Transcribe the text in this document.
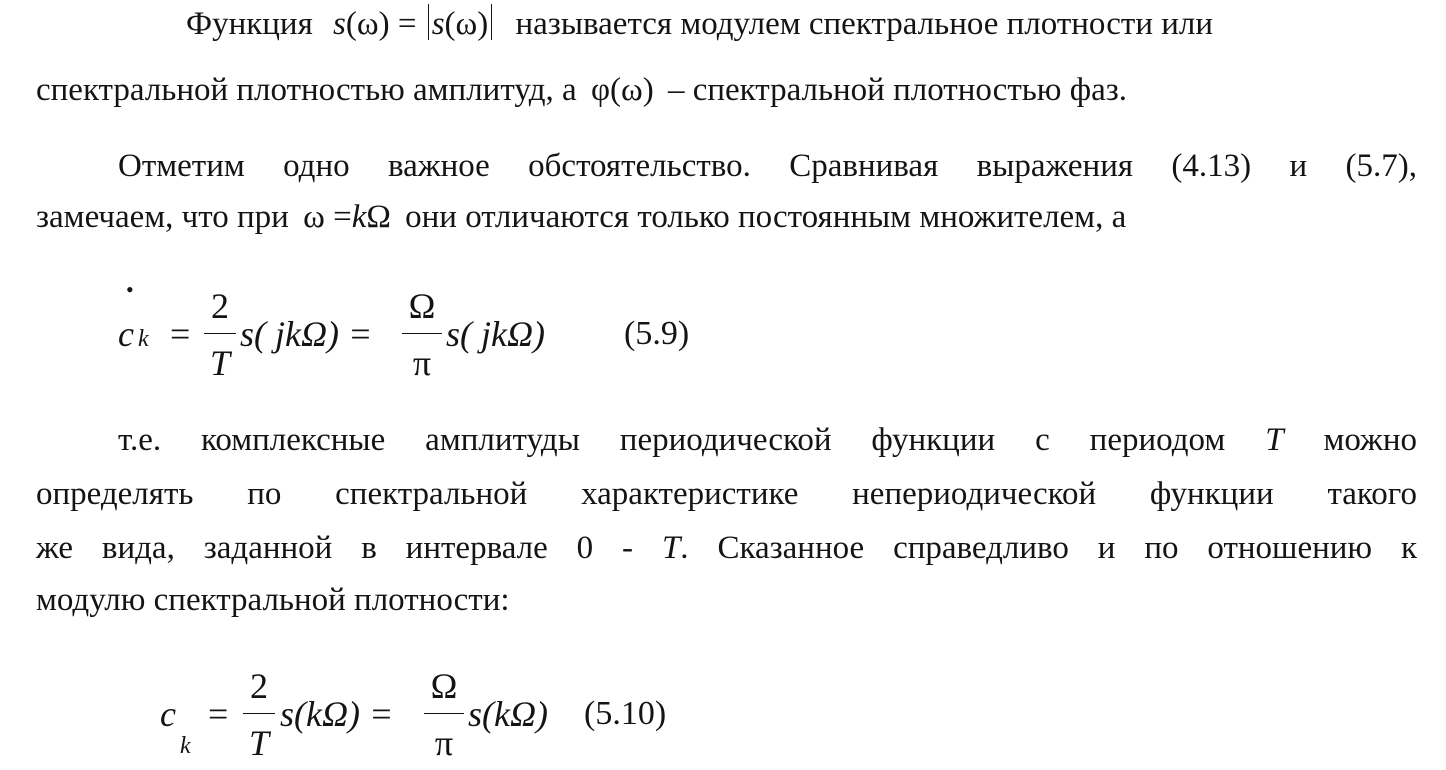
Функция s(ω) = s(ω) называется модулем спектральное плотности или
спектральной плотностью амплитуд, а φ(ω) – спектральной плотностью фаз.
Отметим одно важное обстоятельство. Сравнивая выражения (4.13) и (5.7),
замечаем, что при ω =kΩ они отличаются только постоянным множителем, а
•
c k =
2
T
s( jkΩ) =
Ω
π
s( jkΩ) (5.9)
т.е. комплексные амплитуды периодической функции с периодом T можно
определять по спектральной характеристике непериодической функции такого
же вида, заданной в интервале 0 - T. Сказанное справедливо и по отношению к
модулю спектральной плотности:
c
k
=
2
T
s(kΩ) =
Ω
π
s(kΩ) (5.10)
